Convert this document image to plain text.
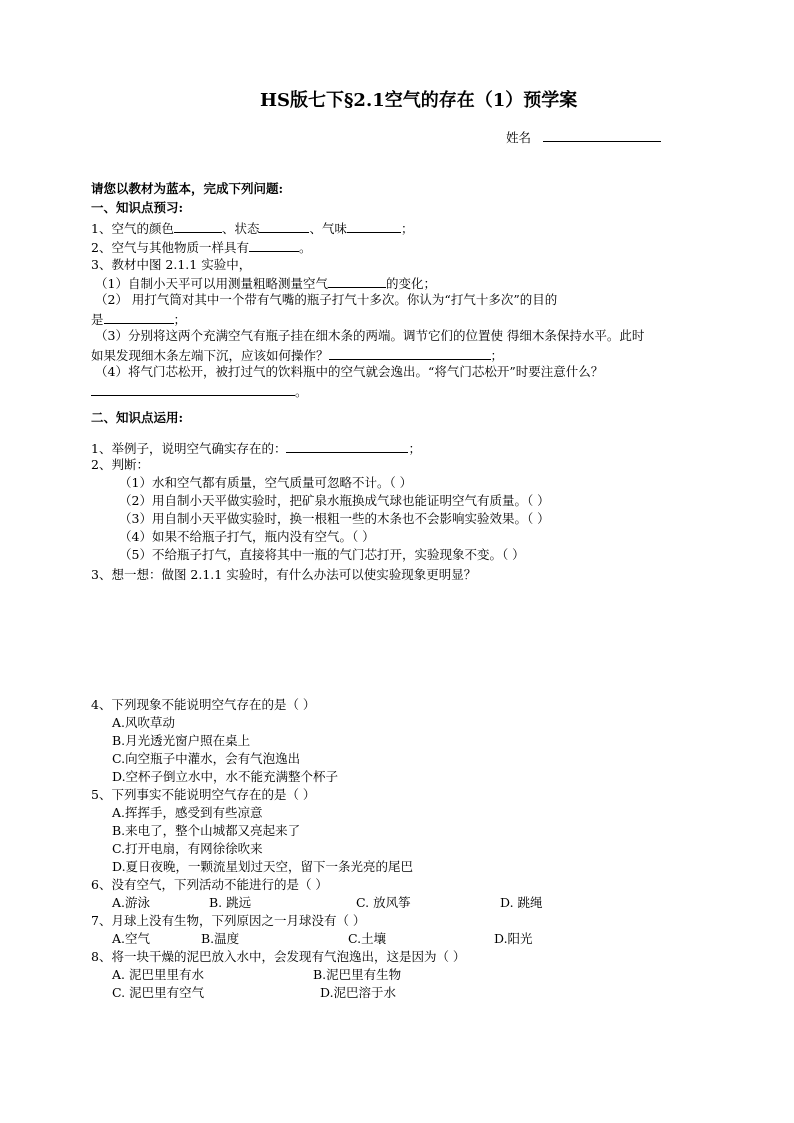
HS版七下§2.1空气的存在（1）预学案
姓名
请您以教材为蓝本，完成下列问题:
一、知识点预习:
1、空气的颜色	、状态	、气味	；
2、空气与其他物质一样具有	。
3、教材中图 2.1.1 实验中，
（1）自制小天平可以用测量粗略测量空气	的变化；
（2） 用打气筒对其中一个带有气嘴的瓶子打气十多次。你认为“打气十多次”的目的
是	；
（3）分别将这两个充满空气有瓶子挂在细木条的两端。调节它们的位置使 得细木条保持水平。此时
如果发现细木条左端下沉，应该如何操作？	；
（4）将气门芯松开，被打过气的饮料瓶中的空气就会逸出。“将气门芯松开”时要注意什么？
。
二、知识点运用:
1、举例子，说明空气确实存在的：	；
2、判断：
（1）水和空气都有质量，空气质量可忽略不计。（ ）
（2）用自制小天平做实验时，把矿泉水瓶换成气球也能证明空气有质量。（ ）
（3）用自制小天平做实验时，换一根粗一些的木条也不会影响实验效果。（ ）
（4）如果不给瓶子打气，瓶内没有空气。（ ）
（5）不给瓶子打气，直接将其中一瓶的气门芯打开，实验现象不变。（ ）
3、想一想：做图 2.1.1 实验时，有什么办法可以使实验现象更明显？
4、下列现象不能说明空气存在的是（ ）
A.风吹草动
B.月光透光窗户照在桌上
C.向空瓶子中灌水，会有气泡逸出
D.空杯子倒立水中，水不能充满整个杯子
5、下列事实不能说明空气存在的是（ ）
A.挥挥手，感受到有些凉意
B.来电了，整个山城都又亮起来了
C.打开电扇，有网徐徐吹来
D.夏日夜晚，一颗流星划过天空，留下一条光亮的尾巴
6、没有空气，下列活动不能进行的是（ ）
A.游泳	B. 跳远	C. 放风筝	D. 跳绳
7、月球上没有生物，下列原因之一月球没有（ ）
A.空气	B.温度	C.土壤	D.阳光
8、将一块干燥的泥巴放入水中，会发现有气泡逸出，这是因为（ ）
A. 泥巴里里有水	B.泥巴里有生物
C. 泥巴里有空气	D.泥巴溶于水
